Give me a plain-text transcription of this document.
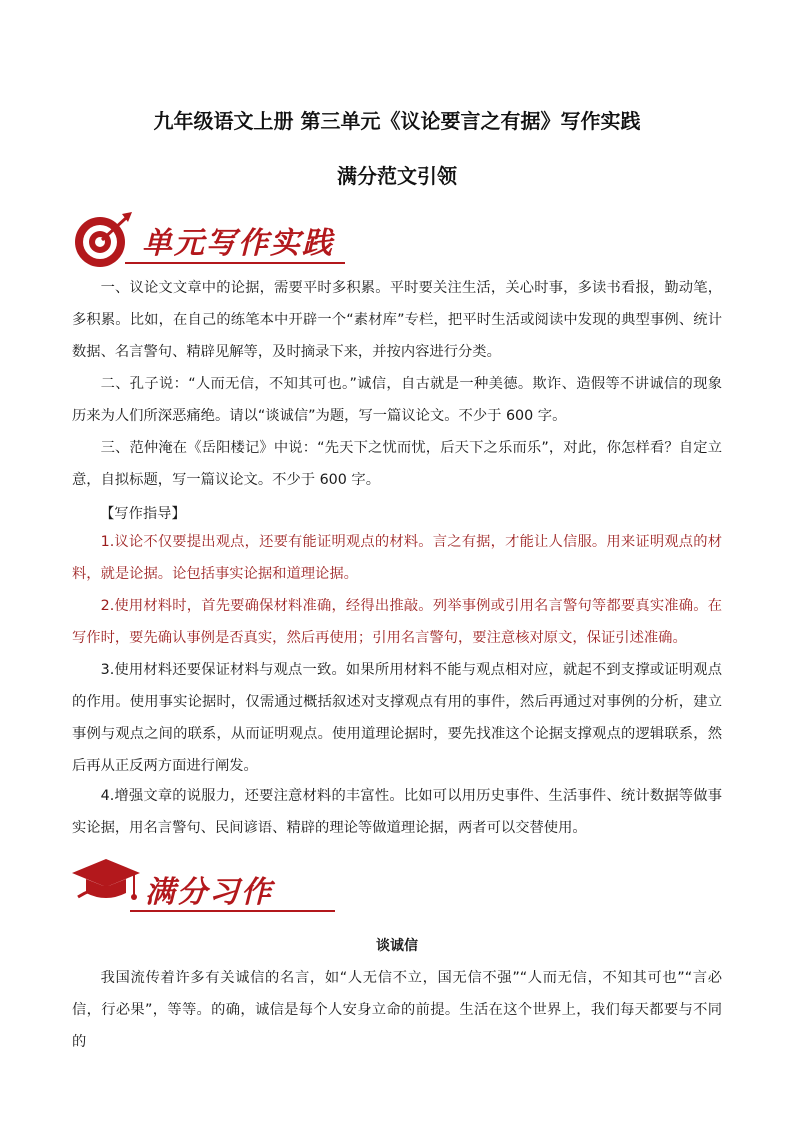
九年级语文上册 第三单元《议论要言之有据》写作实践
满分范文引领
单元写作实践

一、议论文文章中的论据，需要平时多积累。平时要关注生活，关心时事，多读书看报，勤动笔，多积累。比如，在自己的练笔本中开辟一个“素材库”专栏，把平时生活或阅读中发现的典型事例、统计数据、名言警句、精辟见解等，及时摘录下来，并按内容进行分类。

二、孔子说：“人而无信，不知其可也。”诚信，自古就是一种美德。欺诈、造假等不讲诚信的现象历来为人们所深恶痛绝。请以“谈诚信”为题，写一篇议论文。不少于 600 字。

三、范仲淹在《岳阳楼记》中说：“先天下之忧而忧，后天下之乐而乐”，对此，你怎样看？自定立意，自拟标题，写一篇议论文。不少于 600 字。

【写作指导】

1.议论不仅要提出观点，还要有能证明观点的材料。言之有据，才能让人信服。用来证明观点的材料，就是论据。论包括事实论据和道理论据。

2.使用材料时，首先要确保材料准确，经得出推敲。列举事例或引用名言警句等都要真实准确。在写作时，要先确认事例是否真实，然后再使用；引用名言警句，要注意核对原文，保证引述准确。

3.使用材料还要保证材料与观点一致。如果所用材料不能与观点相对应，就起不到支撑或证明观点的作用。使用事实论据时，仅需通过概括叙述对支撑观点有用的事件，然后再通过对事例的分析，建立事例与观点之间的联系，从而证明观点。使用道理论据时，要先找准这个论据支撑观点的逻辑联系，然后再从正反两方面进行阐发。

4.增强文章的说服力，还要注意材料的丰富性。比如可以用历史事件、生活事件、统计数据等做事实论据，用名言警句、民间谚语、精辟的理论等做道理论据，两者可以交替使用。

满分习作
谈诚信

我国流传着许多有关诚信的名言，如“人无信不立，国无信不强”“人而无信，不知其可也”“言必信，行必果”，等等。的确，诚信是每个人安身立命的前提。生活在这个世界上，我们每天都要与不同的
